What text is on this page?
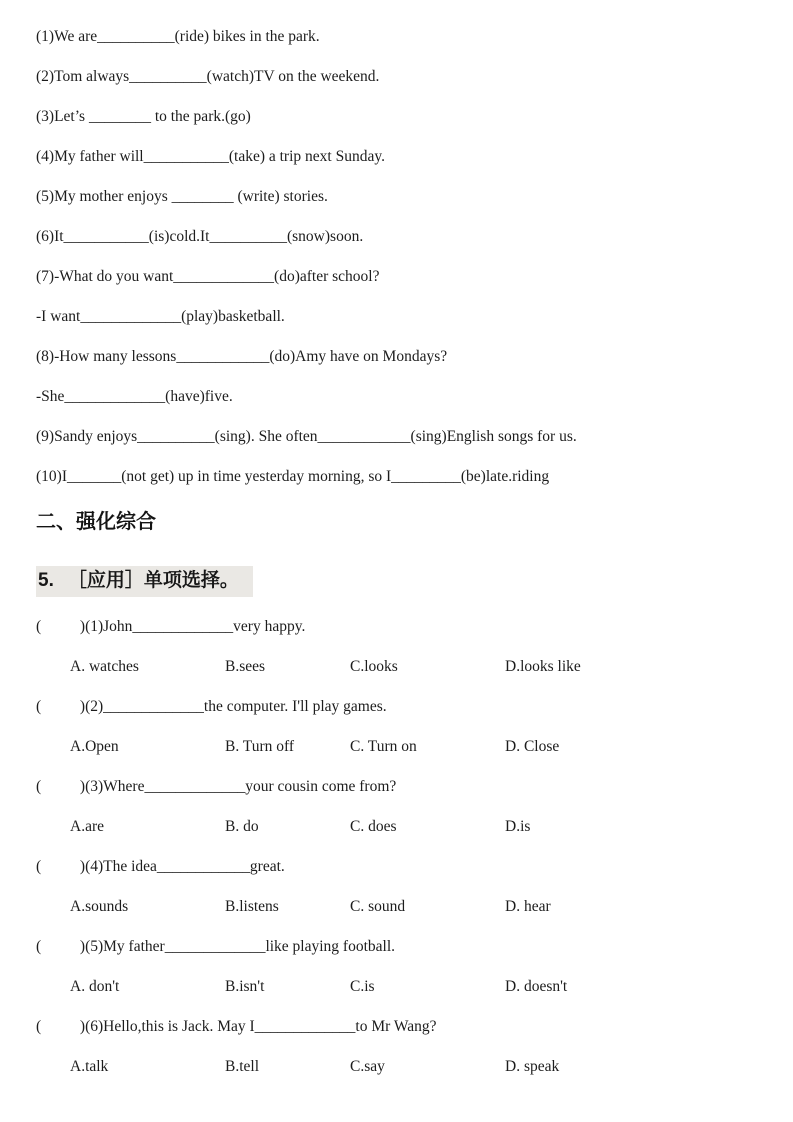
(1)We are__________(ride) bikes in the park.

(2)Tom always__________(watch)TV on the weekend.

(3)Let’s ________ to the park.(go)

(4)My father will___________(take) a trip next Sunday.

(5)My mother enjoys ________ (write) stories.

(6)It___________(is)cold.It__________(snow)soon.

(7)-What do you want_____________(do)after school?

-I want_____________(play)basketball.

(8)-How many lessons____________(do)Amy have on Mondays?

-She_____________(have)five.

(9)Sandy enjoys__________(sing). She often____________(sing)English songs for us.

(10)I_______(not get) up in time yesterday morning, so I_________(be)late.riding

二、强化综合
5. ［应用］单项选择。

(          )(1)John_____________very happy.

A. watches	B.sees	C.looks	D.looks like

(          )(2)_____________the computer. I'll play games.

A.Open	B. Turn off	C. Turn on	D. Close

(          )(3)Where_____________your cousin come from?

A.are	B. do	C. does	D.is

(          )(4)The idea____________great.

A.sounds	B.listens	C. sound	D. hear

(          )(5)My father_____________like playing football.

A. don't	B.isn't	C.is	D. doesn't

(          )(6)Hello,this is Jack. May I_____________to Mr Wang?

A.talk	B.tell	C.say	D. speak
